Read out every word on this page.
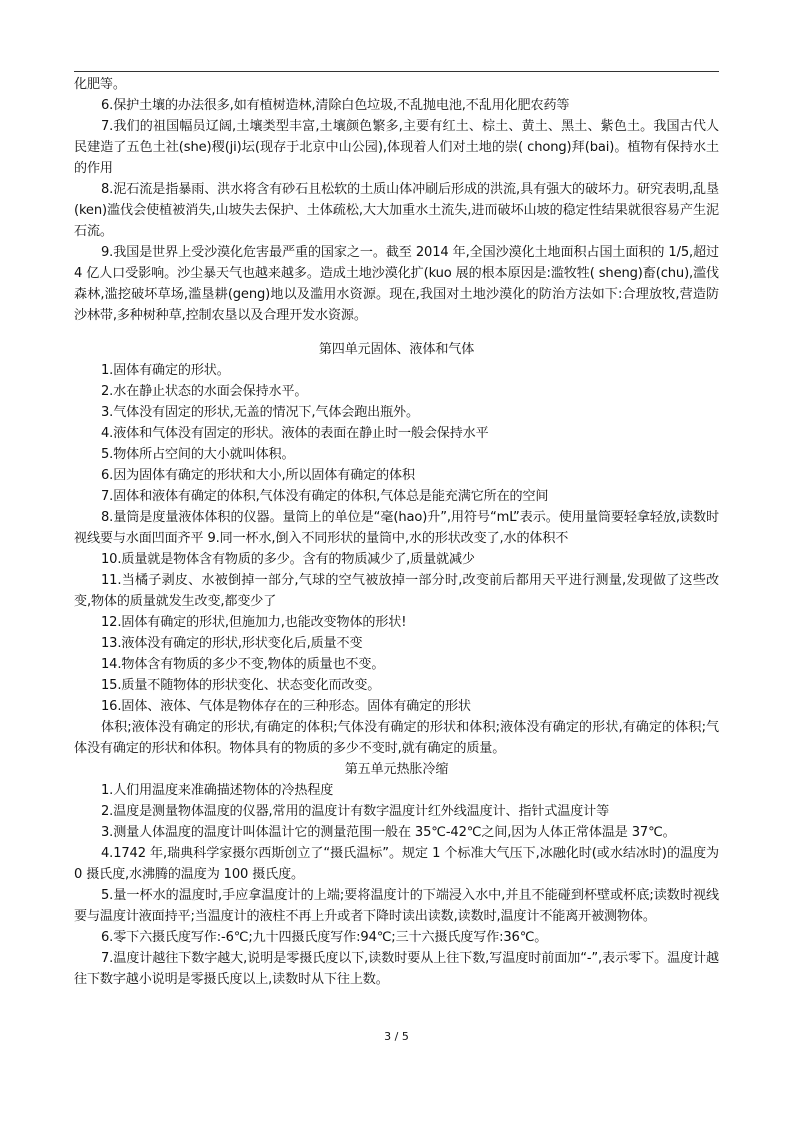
化肥等。

6.保护土壤的办法很多,如有植树造林,清除白色垃圾,不乱抛电池,不乱用化肥农药等

7.我们的祖国幅员辽阔,土壤类型丰富,土壤颜色繁多,主要有红土、棕土、黄土、黑土、紫色土。我国古代人民建造了五色土社(she)稷(ji)坛(现存于北京中山公园),体现着人们对土地的崇( chong)拜(bai)。植物有保持水土的作用

8.泥石流是指暴雨、洪水将含有砂石且松软的土质山体冲刷后形成的洪流,具有强大的破坏力。研究表明,乱垦(ken)滥伐会使植被消失,山坡失去保护、土体疏松,大大加重水土流失,进而破坏山坡的稳定性结果就很容易产生泥石流。

9.我国是世界上受沙漠化危害最严重的国家之一。截至 2014 年,全国沙漠化土地面积占国土面积的 1/5,超过 4 亿人口受影响。沙尘暴天气也越来越多。造成土地沙漠化扩(kuo 展的根本原因是:滥牧牲( sheng)畜(chu),滥伐森林,滥挖破坏草场,滥垦耕(geng)地以及滥用水资源。现在,我国对土地沙漠化的防治方法如下:合理放牧,营造防沙林带,多种树种草,控制农垦以及合理开发水资源。

第四单元固体、液体和气体

1.固体有确定的形状。

2.水在静止状态的水面会保持水平。

3.气体没有固定的形状,无盖的情况下,气体会跑出瓶外。

4.液体和气体没有固定的形状。液体的表面在静止时一般会保持水平

5.物体所占空间的大小就叫体积。

6.因为固体有确定的形状和大小,所以固体有确定的体积

7.固体和液体有确定的体积,气体没有确定的体积,气体总是能充满它所在的空间

8.量筒是度量液体体积的仪器。量筒上的单位是“毫(hao)升”,用符号“mL”表示。使用量筒要轻拿轻放,读数时视线要与水面凹面齐平 9.同一杯水,倒入不同形状的量筒中,水的形状改变了,水的体积不

10.质量就是物体含有物质的多少。含有的物质减少了,质量就减少

11.当橘子剥皮、水被倒掉一部分,气球的空气被放掉一部分时,改变前后都用天平进行测量,发现做了这些改变,物体的质量就发生改变,都变少了

12.固体有确定的形状,但施加力,也能改变物体的形状!

13.液体没有确定的形状,形状变化后,质量不变

14.物体含有物质的多少不变,物体的质量也不变。

15.质量不随物体的形状变化、状态变化而改变。

16.固体、液体、气体是物体存在的三种形态。固体有确定的形状

体积;液体没有确定的形状,有确定的体积;气体没有确定的形状和体积;液体没有确定的形状,有确定的体积;气体没有确定的形状和体积。物体具有的物质的多少不变时,就有确定的质量。

第五单元热胀冷缩

1.人们用温度来准确描述物体的冷热程度

2.温度是测量物体温度的仪器,常用的温度计有数字温度计红外线温度计、指针式温度计等

3.测量人体温度的温度计叫体温计它的测量范围一般在 35℃-42℃之间,因为人体正常体温是 37℃。

4.1742 年,瑞典科学家摄尔西斯创立了“摄氏温标”。规定 1 个标准大气压下,冰融化时(或水结冰时)的温度为 0 摄氏度,水沸腾的温度为 100 摄氏度。

5.量一杯水的温度时,手应拿温度计的上端;要将温度计的下端浸入水中,并且不能碰到杯壁或杯底;读数时视线要与温度计液面持平;当温度计的液柱不再上升或者下降时读出读数,读数时,温度计不能离开被测物体。

6.零下六摄氏度写作:-6℃;九十四摄氏度写作:94℃;三十六摄氏度写作:36℃。

7.温度计越往下数字越大,说明是零摄氏度以下,读数时要从上往下数,写温度时前面加“-”,表示零下。温度计越往下数字越小说明是零摄氏度以上,读数时从下往上数。

3 / 5
